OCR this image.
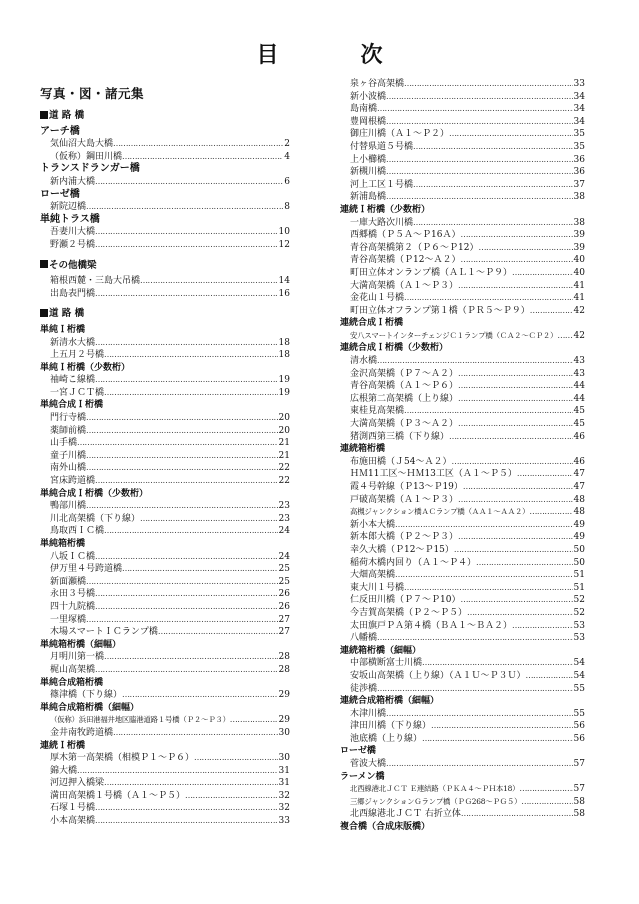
目　次
写真・図・諸元集
道 路 橋
アーチ橋
気仙沼大島大橋 …………………………………………………………………………………………………………………………………………	2
（仮称）鋼田川橋 …………………………………………………………………………………………………………………………………………	4
トランスドランガー橋
新内浦大橋 …………………………………………………………………………………………………………………………………………	6
ローゼ橋
新院辺橋 …………………………………………………………………………………………………………………………………………	8
単純トラス橋
吾妻川大橋 …………………………………………………………………………………………………………………………………………	10
野瀬２号橋 …………………………………………………………………………………………………………………………………………	12
その他橋梁
箱根西麓・三島大吊橋 …………………………………………………………………………………………………………………………………………	14
出島表門橋 …………………………………………………………………………………………………………………………………………	16
道 路 橋
単純Ｉ桁橋
新清水大橋 …………………………………………………………………………………………………………………………………………	18
上五月２号橋 …………………………………………………………………………………………………………………………………………	18
単純Ｉ桁橋（少数桁）
袖崎こ線橋 …………………………………………………………………………………………………………………………………………	19
一宮ＪＣＴ橋 …………………………………………………………………………………………………………………………………………	19
単純合成Ｉ桁橋
門行寺橋 …………………………………………………………………………………………………………………………………………	20
薬師前橋 …………………………………………………………………………………………………………………………………………	20
山手橋 …………………………………………………………………………………………………………………………………………	21
童子川橋 …………………………………………………………………………………………………………………………………………	21
南外山橋 …………………………………………………………………………………………………………………………………………	22
宮床跨道橋 …………………………………………………………………………………………………………………………………………	22
単純合成Ｉ桁橋（少数桁）
鴨部川橋 …………………………………………………………………………………………………………………………………………	23
川北高架橋（下り線） …………………………………………………………………………………………………………………………………………	23
鳥取西ＩＣ橋 …………………………………………………………………………………………………………………………………………	24
単純箱桁橋
八坂ＩＣ橋 …………………………………………………………………………………………………………………………………………	24
伊万里４号跨道橋 …………………………………………………………………………………………………………………………………………	25
新面瀬橋 …………………………………………………………………………………………………………………………………………	25
永田３号橋 …………………………………………………………………………………………………………………………………………	26
四十九院橋 …………………………………………………………………………………………………………………………………………	26
一里塚橋 …………………………………………………………………………………………………………………………………………	27
木場スマートＩＣランプ橋 …………………………………………………………………………………………………………………………………………	27
単純箱桁橋（細幅）
月明川第一橋 …………………………………………………………………………………………………………………………………………	28
梶山高架橋 …………………………………………………………………………………………………………………………………………	28
単純合成箱桁橋
篠津橋（下り線） …………………………………………………………………………………………………………………………………………	29
単純合成箱桁橋（細幅）
（仮称）浜田港福井地区臨港道路１号橋（Ｐ２～Ｐ３） …………………………………………………………………………………………………………………………………………	29
金井南牧跨道橋 …………………………………………………………………………………………………………………………………………	30
連続Ｉ桁橋
厚木第一高架橋（相模Ｐ１～Ｐ６） …………………………………………………………………………………………………………………………………………	30
錦大橋 …………………………………………………………………………………………………………………………………………	31
河辺押入橋梁 …………………………………………………………………………………………………………………………………………	31
満田高架橋１号橋（Ａ１～Ｐ５） …………………………………………………………………………………………………………………………………………	32
石塚１号橋 …………………………………………………………………………………………………………………………………………	32
小本高架橋 …………………………………………………………………………………………………………………………………………	33
泉ヶ谷高架橋 …………………………………………………………………………………………………………………………………………	33
新小波橋 …………………………………………………………………………………………………………………………………………	34
島南橋 …………………………………………………………………………………………………………………………………………	34
豊岡根橋 …………………………………………………………………………………………………………………………………………	34
御庄川橋（Ａ１～Ｐ２） …………………………………………………………………………………………………………………………………………	35
付替県道５号橋 …………………………………………………………………………………………………………………………………………	35
上小櫛橋 …………………………………………………………………………………………………………………………………………	36
新槻川橋 …………………………………………………………………………………………………………………………………………	36
河上工区１号橋 …………………………………………………………………………………………………………………………………………	37
新浦島橋 …………………………………………………………………………………………………………………………………………	38
連続Ｉ桁橋（少数桁）
一庫大路次川橋 …………………………………………………………………………………………………………………………………………	38
西郷橋（Ｐ５Ａ～Ｐ16Ａ） …………………………………………………………………………………………………………………………………………	39
青谷高架橋第２（Ｐ６～Ｐ12） …………………………………………………………………………………………………………………………………………	39
青谷高架橋（Ｐ12～Ａ２） …………………………………………………………………………………………………………………………………………	40
町田立体オンランプ橋（ＡＬ１～Ｐ９） …………………………………………………………………………………………………………………………………………	40
大満高架橋（Ａ１～Ｐ３） …………………………………………………………………………………………………………………………………………	41
金花山１号橋 …………………………………………………………………………………………………………………………………………	41
町田立体オフランプ第１橋（ＰＲ５～Ｐ９） …………………………………………………………………………………………………………………………………………	42
連続合成Ｉ桁橋
安八スマートインターチェンジＣ１ランプ橋（ＣＡ２～ＣＰ２） ………………………………………………………………………………………………………………………………………… 42
連続合成Ｉ桁橋（少数桁）
清水橋 …………………………………………………………………………………………………………………………………………	43
金沢高架橋（Ｐ７～Ａ２） …………………………………………………………………………………………………………………………………………	43
青谷高架橋（Ａ１～Ｐ６） …………………………………………………………………………………………………………………………………………	44
広根第二高架橋（上り線） …………………………………………………………………………………………………………………………………………	44
東桂見高架橋 …………………………………………………………………………………………………………………………………………	45
大満高架橋（Ｐ３～Ａ２） …………………………………………………………………………………………………………………………………………	45
猪渕西第三橋（下り線） …………………………………………………………………………………………………………………………………………	46
連続箱桁橋
布施田橋（Ｊ54～Ａ２） …………………………………………………………………………………………………………………………………………	46
ＨＭ11工区～ＨＭ13工区（Ａ１～Ｐ５） …………………………………………………………………………………………………………………………………………	47
霞４号幹線（Ｐ13～Ｐ19） …………………………………………………………………………………………………………………………………………	47
戸破高架橋（Ａ１～Ｐ３） …………………………………………………………………………………………………………………………………………	48
高槻ジャンクション橋ＡＣランプ橋（ＡＡ１～ＡＡ２） …………………………………………………………………………………………………………………………………………	48
新小本大橋 …………………………………………………………………………………………………………………………………………	49
新本郎大橋（Ｐ２～Ｐ３） …………………………………………………………………………………………………………………………………………	49
幸久大橋（Ｐ12～Ｐ15） …………………………………………………………………………………………………………………………………………	50
稲荷木橋内回り（Ａ１～Ｐ４） …………………………………………………………………………………………………………………………………………	50
大畑高架橋 …………………………………………………………………………………………………………………………………………	51
東大川１号橋 …………………………………………………………………………………………………………………………………………	51
仁反田川橋（Ｐ７～Ｐ10） …………………………………………………………………………………………………………………………………………	52
今吉賀高架橋（Ｐ２～Ｐ５） …………………………………………………………………………………………………………………………………………	52
太田旗戸ＰＡ第４橋（ＢＡ１～ＢＡ２） …………………………………………………………………………………………………………………………………………	53
八幡橋 …………………………………………………………………………………………………………………………………………	53
連続箱桁橋（細幅）
中部横断富士川橋 …………………………………………………………………………………………………………………………………………	54
安坂山高架橋（上り線）（Ａ１Ｕ～Ｐ３Ｕ） …………………………………………………………………………………………………………………………………………	54
徒渉橋 …………………………………………………………………………………………………………………………………………	55
連続合成箱桁橋（細幅）
木津川橋 …………………………………………………………………………………………………………………………………………	55
津田川橋（下り線） …………………………………………………………………………………………………………………………………………	56
池底橋（上り線） …………………………………………………………………………………………………………………………………………	56
ローゼ橋
菅波大橋 …………………………………………………………………………………………………………………………………………	57
ラーメン橋
北西線港北ＪＣＴ Ｅ連結路（ＰＫＡ４～ＰＨ本18） …………………………………………………………………………………………………………………………………………	57
三郷ジャンクションＧランプ橋（ＰＧ268～ＰＧ５） …………………………………………………………………………………………………………………………………………	58
北西線港北ＪＣＴ 右折立体 …………………………………………………………………………………………………………………………………………	58
複合橋（合成床版橋）
